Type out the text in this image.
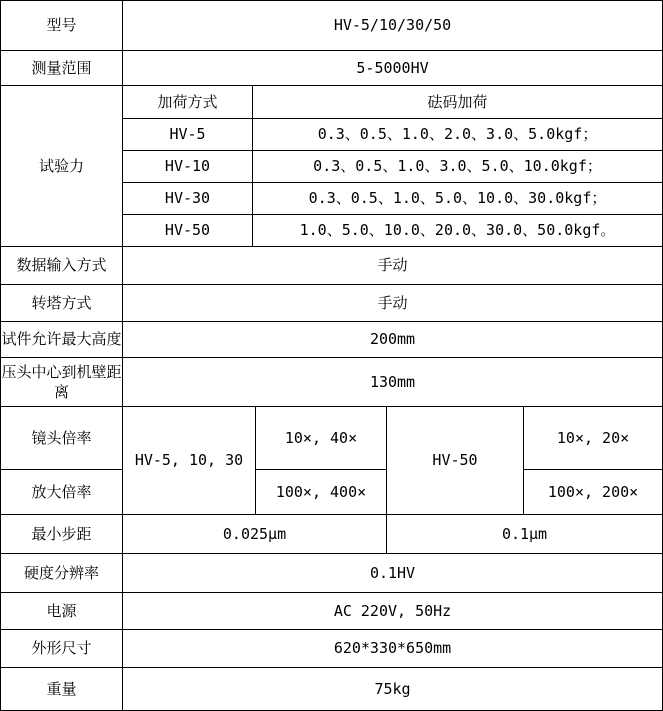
型号	HV-5/10/30/50				
测量范围	5-5000HV				
试验力	加荷方式	砝码加荷			
	HV-5	0.3、0.5、1.0、2.0、3.0、5.0kgf；			
	HV-10	0.3、0.5、1.0、3.0、5.0、10.0kgf；			
	HV-30	0.3、0.5、1.0、5.0、10.0、30.0kgf；			
	HV-50	1.0、5.0、10.0、20.0、30.0、50.0kgf。			
数据输入方式	手动				
转塔方式	手动				
试件允许最大高度	200mm				
压头中心到机壁距离	130mm				
镜头倍率	HV-5, 10, 30		10×, 40×	HV-50	10×, 20×
放大倍率			100×, 400×		100×, 200×
最小步距	0.025μm			0.1μm	
硬度分辨率	0.1HV				
电源	AC 220V, 50Hz				
外形尺寸	620*330*650mm				
重量	75kg				
